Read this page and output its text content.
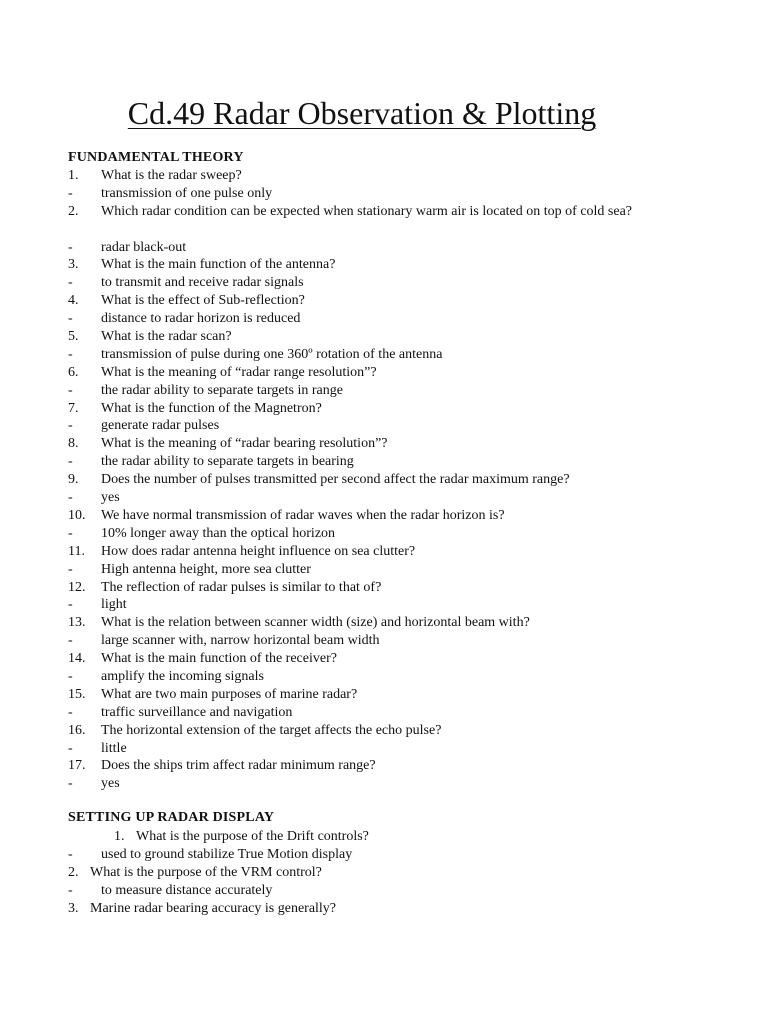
Cd.49 Radar Observation & Plotting
FUNDAMENTAL THEORY
1. What is the radar sweep?
- transmission of one pulse only
2. Which radar condition can be expected when stationary warm air is located on top of cold sea?
- radar black-out
3. What is the main function of the antenna?
- to transmit and receive radar signals
4. What is the effect of Sub-reflection?
- distance to radar horizon is reduced
5. What is the radar scan?
- transmission of pulse during one 360º rotation of the antenna
6. What is the meaning of “radar range resolution”?
- the radar ability to separate targets in range
7. What is the function of the Magnetron?
- generate radar pulses
8. What is the meaning of “radar bearing resolution”?
- the radar ability to separate targets in bearing
9. Does the number of pulses transmitted per second affect the radar maximum range?
- yes
10. We have normal transmission of radar waves when the radar horizon is?
- 10% longer away than the optical horizon
11. How does radar antenna height influence on sea clutter?
- High antenna height, more sea clutter
12. The reflection of radar pulses is similar to that of?
- light
13. What is the relation between scanner width (size) and horizontal beam with?
- large scanner with, narrow horizontal beam width
14. What is the main function of the receiver?
- amplify the incoming signals
15. What are two main purposes of marine radar?
- traffic surveillance and navigation
16. The horizontal extension of the target affects the echo pulse?
- little
17. Does the ships trim affect radar minimum range?
- yes
SETTING UP RADAR DISPLAY
1. What is the purpose of the Drift controls?
- used to ground stabilize True Motion display
2. What is the purpose of the VRM control?
- to measure distance accurately
3. Marine radar bearing accuracy is generally?
